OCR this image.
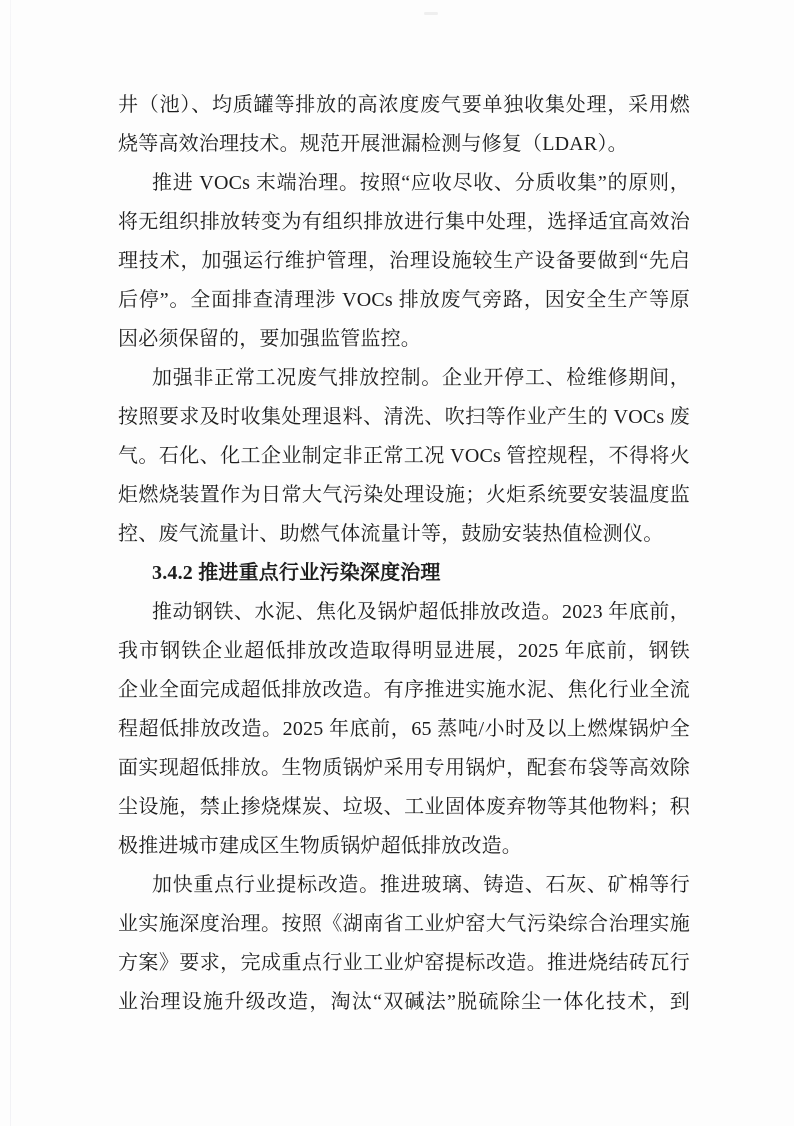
井（池）、均质罐等排放的高浓度废气要单独收集处理，采用燃
烧等高效治理技术。规范开展泄漏检测与修复（LDAR）。
推进 VOCs 末端治理。按照“应收尽收、分质收集”的原则，
将无组织排放转变为有组织排放进行集中处理，选择适宜高效治
理技术，加强运行维护管理，治理设施较生产设备要做到“先启
后停”。全面排查清理涉 VOCs 排放废气旁路，因安全生产等原
因必须保留的，要加强监管监控。
加强非正常工况废气排放控制。企业开停工、检维修期间，
按照要求及时收集处理退料、清洗、吹扫等作业产生的 VOCs 废
气。石化、化工企业制定非正常工况 VOCs 管控规程，不得将火
炬燃烧装置作为日常大气污染处理设施；火炬系统要安装温度监
控、废气流量计、助燃气体流量计等，鼓励安装热值检测仪。
3.4.2 推进重点行业污染深度治理
推动钢铁、水泥、焦化及锅炉超低排放改造。2023 年底前，
我市钢铁企业超低排放改造取得明显进展，2025 年底前，钢铁
企业全面完成超低排放改造。有序推进实施水泥、焦化行业全流
程超低排放改造。2025 年底前，65 蒸吨/小时及以上燃煤锅炉全
面实现超低排放。生物质锅炉采用专用锅炉，配套布袋等高效除
尘设施，禁止掺烧煤炭、垃圾、工业固体废弃物等其他物料；积
极推进城市建成区生物质锅炉超低排放改造。
加快重点行业提标改造。推进玻璃、铸造、石灰、矿棉等行
业实施深度治理。按照《湖南省工业炉窑大气污染综合治理实施
方案》要求，完成重点行业工业炉窑提标改造。推进烧结砖瓦行
业治理设施升级改造，淘汰“双碱法”脱硫除尘一体化技术，到
